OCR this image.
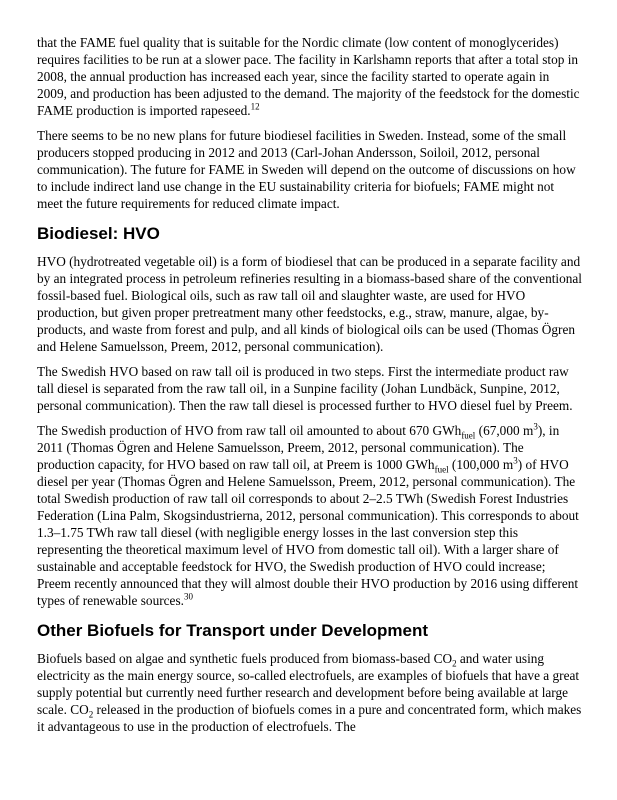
that the FAME fuel quality that is suitable for the Nordic climate (low content of monoglycerides) requires facilities to be run at a slower pace. The facility in Karlshamn reports that after a total stop in 2008, the annual production has increased each year, since the facility started to operate again in 2009, and production has been adjusted to the demand. The majority of the feedstock for the domestic FAME production is imported rapeseed.$^{12}$

There seems to be no new plans for future biodiesel facilities in Sweden. Instead, some of the small producers stopped producing in 2012 and 2013 (Carl-Johan Andersson, Soiloil, 2012, personal communication). The future for FAME in Sweden will depend on the outcome of discussions on how to include indirect land use change in the EU sustainability criteria for biofuels; FAME might not meet the future requirements for reduced climate impact.

Biodiesel: HVO

HVO (hydrotreated vegetable oil) is a form of biodiesel that can be produced in a separate facility and by an integrated process in petroleum refineries resulting in a biomass-based share of the conventional fossil-based fuel. Biological oils, such as raw tall oil and slaughter waste, are used for HVO production, but given proper pretreatment many other feedstocks, e.g., straw, manure, algae, by-products, and waste from forest and pulp, and all kinds of biological oils can be used (Thomas Ögren and Helene Samuelsson, Preem, 2012, personal communication).

The Swedish HVO based on raw tall oil is produced in two steps. First the intermediate product raw tall diesel is separated from the raw tall oil, in a Sunpine facility (Johan Lundbäck, Sunpine, 2012, personal communication). Then the raw tall diesel is processed further to HVO diesel fuel by Preem.

The Swedish production of HVO from raw tall oil amounted to about 670 GWh$_{fuel}$ (67,000 $m^3$), in 2011 (Thomas Ögren and Helene Samuelsson, Preem, 2012, personal communication). The production capacity, for HVO based on raw tall oil, at Preem is 1000 GWh$_{fuel}$ (100,000 $m^3$) of HVO diesel per year (Thomas Ögren and Helene Samuelsson, Preem, 2012, personal communication). The total Swedish production of raw tall oil corresponds to about 2–2.5 TWh (Swedish Forest Industries Federation (Lina Palm, Skogsindustrierna, 2012, personal communication). This corresponds to about 1.3–1.75 TWh raw tall diesel (with negligible energy losses in the last conversion step this representing the theoretical maximum level of HVO from domestic tall oil). With a larger share of sustainable and acceptable feedstock for HVO, the Swedish production of HVO could increase; Preem recently announced that they will almost double their HVO production by 2016 using different types of renewable sources.$^{30}$

Other Biofuels for Transport under Development

Biofuels based on algae and synthetic fuels produced from biomass-based $CO_2$ and water using electricity as the main energy source, so-called electrofuels, are examples of biofuels that have a great supply potential but currently need further research and development before being available at large scale. $CO_2$ released in the production of biofuels comes in a pure and concentrated form, which makes it advantageous to use in the production of electrofuels. The
